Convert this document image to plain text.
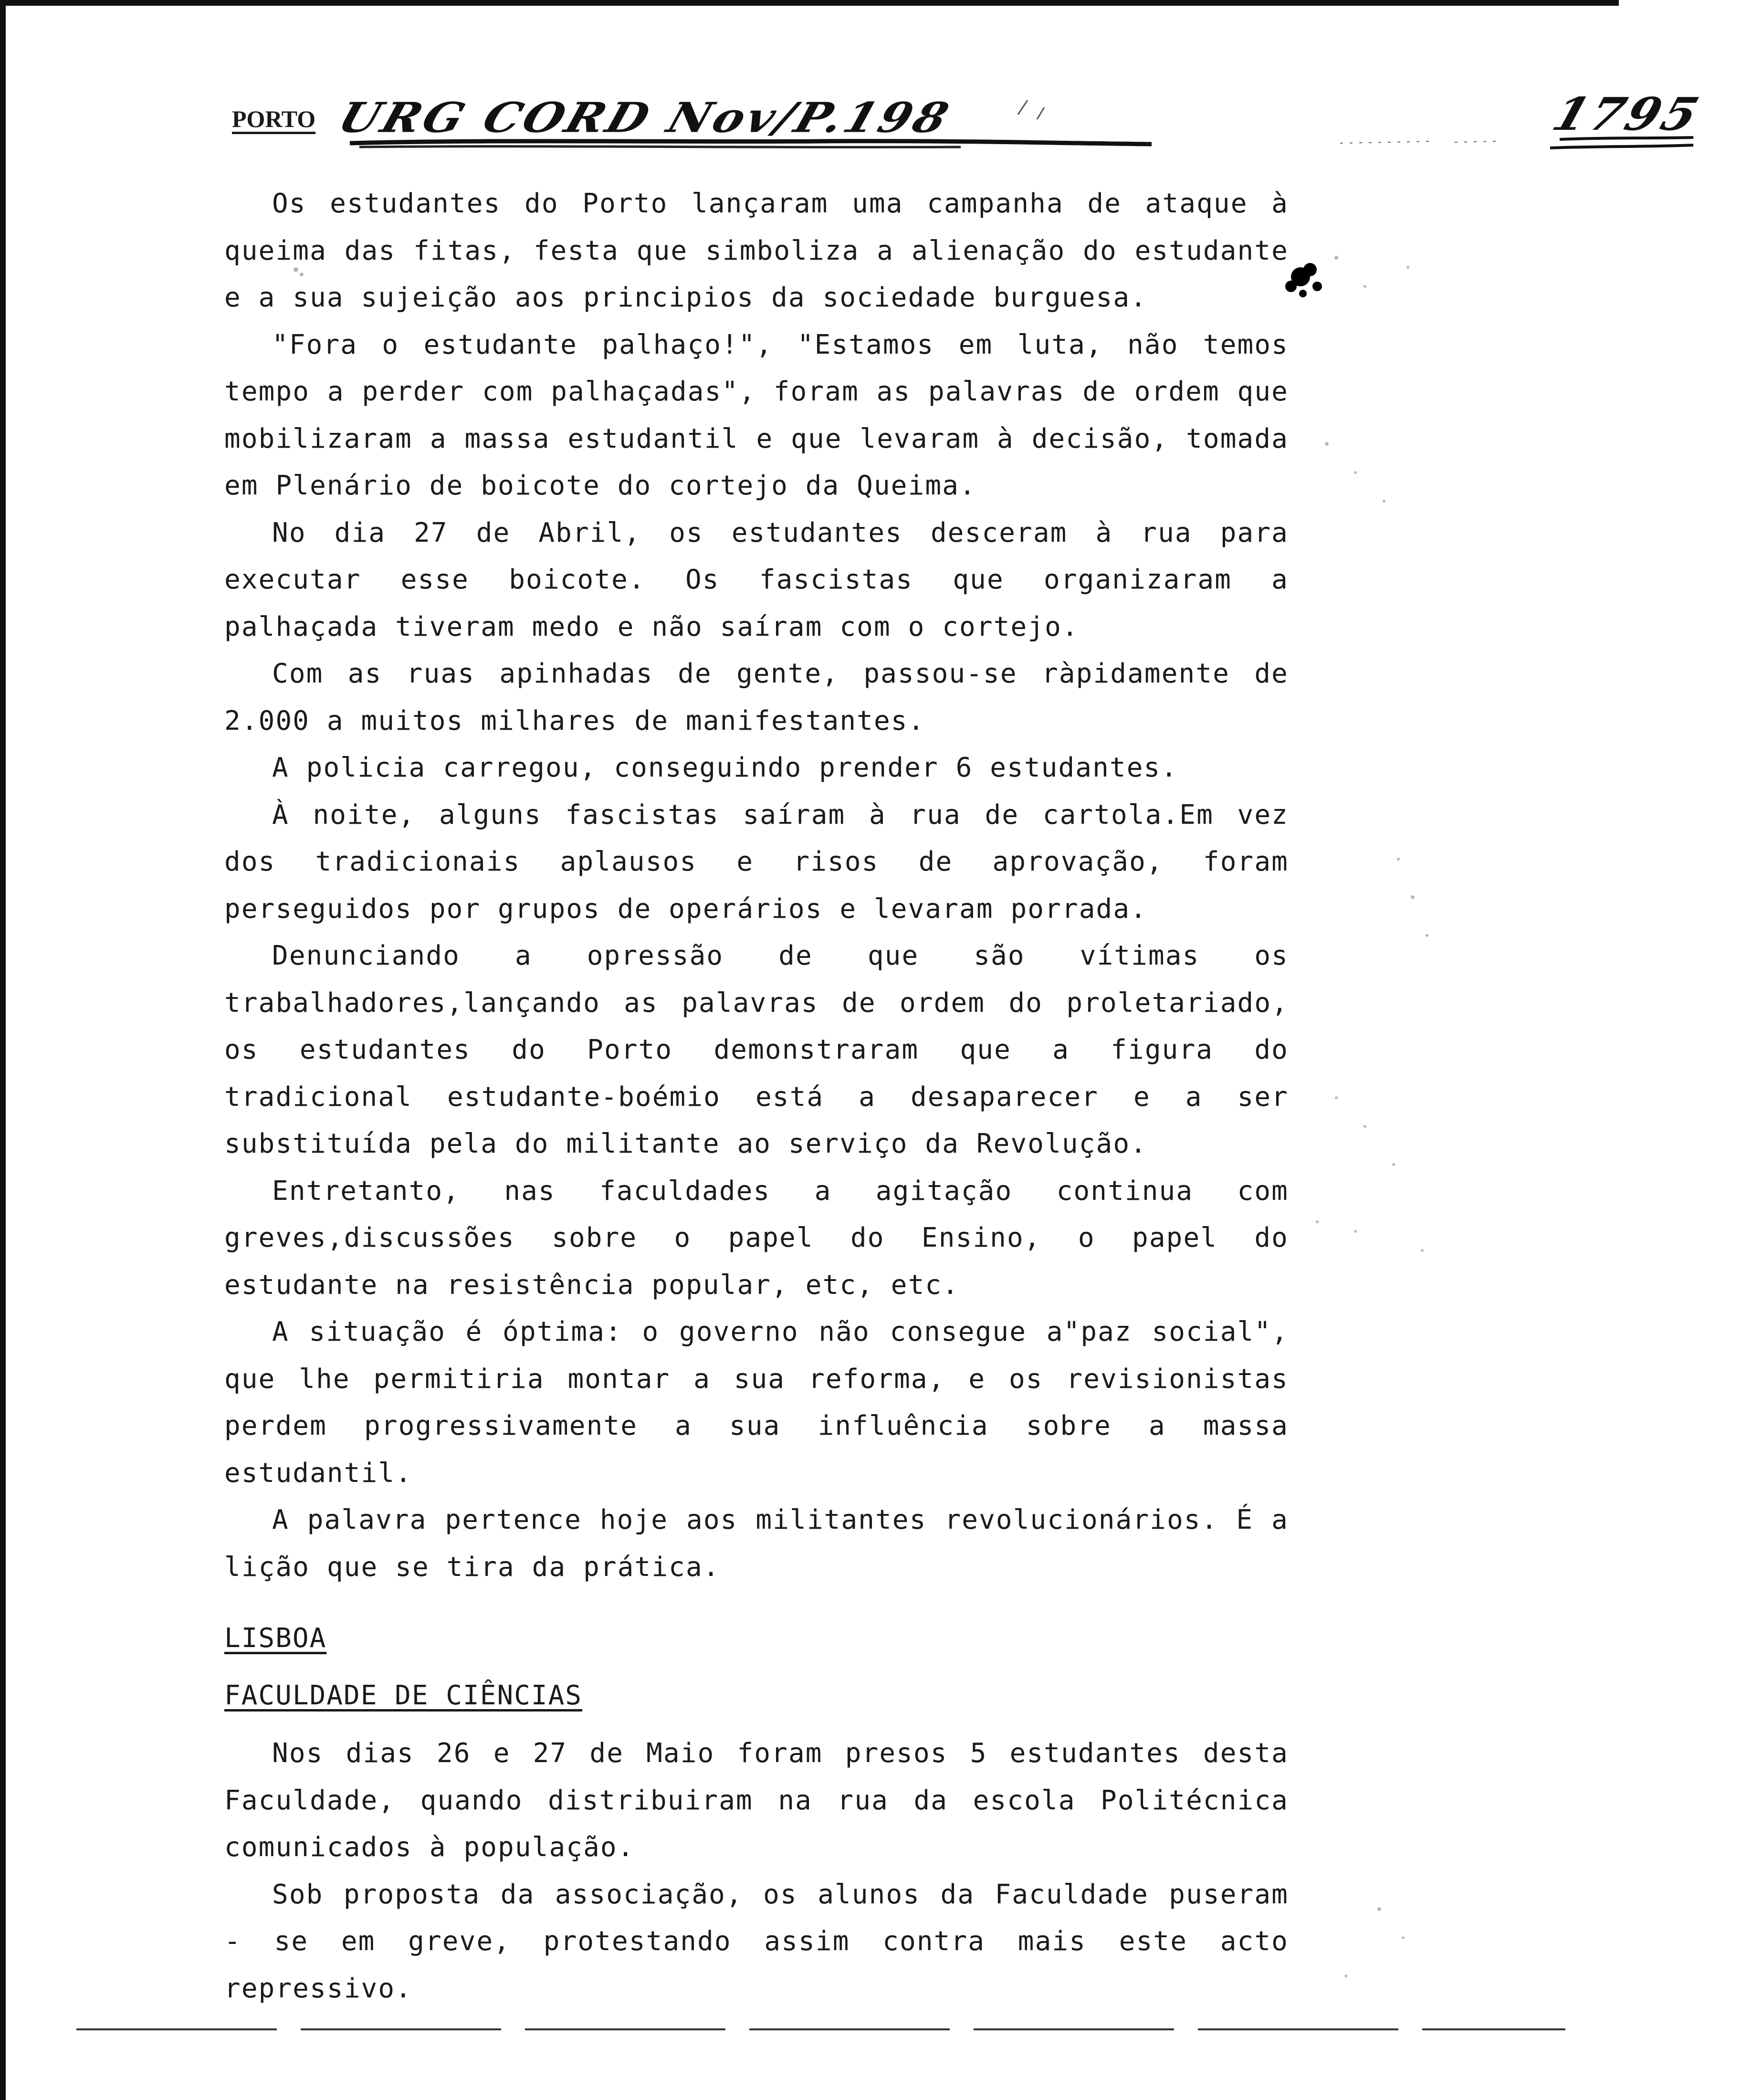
PORTO URG CORD Nov/P.198	1795

Os estudantes do Porto lançaram uma campanha de ataque à queima das fitas, festa que simboliza a alienação do estudante e a sua sujeição aos principios da sociedade burguesa.

"Fora o estudante palhaço!", "Estamos em luta, não temos tempo a perder com palhaçadas", foram as palavras de ordem que mobilizaram a massa estudantil e que levaram à decisão, tomada em Plenário de boicote do cortejo da Queima.

No dia 27 de Abril, os estudantes desceram à rua para executar esse boicote. Os fascistas que organizaram a palhaçada tiveram medo e não saíram com o cortejo.

Com as ruas apinhadas de gente, passou-se ràpidamente de 2.000 a muitos milhares de manifestantes.

A policia carregou, conseguindo prender 6 estudantes.

À noite, alguns fascistas saíram à rua de cartola.Em vez dos tradicionais aplausos e risos de aprovação, foram perseguidos por grupos de operários e levaram porrada.

Denunciando a opressão de que são vítimas os trabalhadores,lançando as palavras de ordem do proletariado, os estudantes do Porto demonstraram que a figura do tradicional estudante-boémio está a desaparecer e a ser substituída pela do militante ao serviço da Revolução.

Entretanto, nas faculdades a agitação continua com greves,discussões sobre o papel do Ensino, o papel do estudante na resistência popular, etc, etc.

A situação é óptima: o governo não consegue a"paz social", que lhe permitiria montar a sua reforma, e os revisionistas perdem progressivamente a sua influência sobre a massa estudantil.

A palavra pertence hoje aos militantes revolucionários. É a lição que se tira da prática.

LISBOA
FACULDADE DE CIÊNCIAS

Nos dias 26 e 27 de Maio foram presos 5 estudantes desta Faculdade, quando distribuiram na rua da escola Politécnica comunicados à população.

Sob proposta da associação, os alunos da Faculdade puseram - se em greve, protestando assim contra mais este acto repressivo.
